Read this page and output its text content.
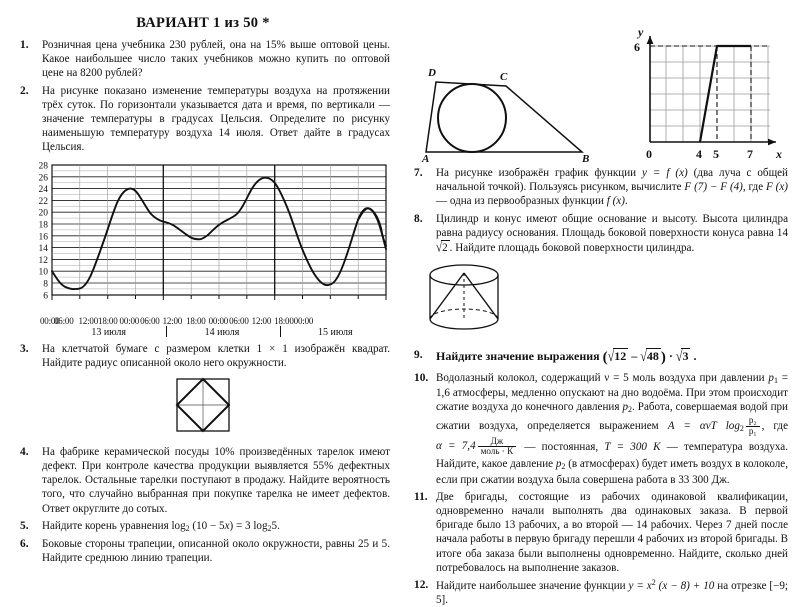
ВАРИАНТ 1 из 50 *
1.	Розничная цена учебника 230 рублей, она на 15% выше оптовой цены. Какое наибольшее число таких учебников можно купить по оптовой цене на 8200 рублей?
2.	На рисунке показано изменение температуры воздуха на протяжении трёх суток. По горизонтали указывается дата и время, по вертикали — значение температуры в градусах Цельсия. Определите по рисунку наименьшую температуру воздуха 14 июля. Ответ дайте в градусах Цельсия.
28
26
24
22
20
18
16
14
12
10
8
6
00:00
06:00 12:00 18:00 00:00 06:00 12:00 18:00 00:00 06:00 12:00 18:00 00:00
13 июля	14 июля	15 июля
3.	На клетчатой бумаге с размером клетки 1 × 1 изображён квадрат. Найдите радиус описанной около него окружности.
4.	На фабрике керамической посуды 10% произведённых тарелок имеют дефект. При контроле качества продукции выявляется 55% дефектных тарелок. Остальные тарелки поступают в продажу. Найдите вероятность того, что случайно выбранная при покупке тарелка не имеет дефектов. Ответ округлите до сотых.
5.	Найдите корень уравнения $\log_2 (10 - 5x) = 3$ $\log_25$.
6.	Боковые стороны трапеции, описанной около окружности, равны 25 и 5. Найдите среднюю линию трапеции.
A	B
C
D
6
0	4 5 7
y
x
7.	На рисунке изображён график функции y = f (x) (два луча с общей начальной точкой). Пользуясь рисунком, вычислите F (7) − F (4), где F (x) — одна из первообразных функции f (x).
8.	Цилиндр и конус имеют общие основание и высоту. Высота цилиндра равна радиусу основания. Площадь боковой поверхности конуса равна 14√2 . Найдите площадь боковой поверхности цилиндра.
9.	Найдите значение выражения (√12 – √48 ) · √3 .
10. Водолазный колокол, содержащий ν = 5 моль воздуха при давлении $p_1 = 1,6$ атмосферы, медленно опускают на дно водоёма. При этом происходит сжатие воздуха до конечного давления $p_2$. Работа, совершаемая водой при сжатии воздуха, определяется выражением A = ανT $\log_2 \frac{\text{p₂}}{\text{p₁}}$ , где $\alpha = 7,4 \frac{Дж}{\text{моль · К}}$ — постоянная, T = 300 К — температура воздуха. Найдите, какое давление $p_2$ (в атмосферах) будет иметь воздух в колоколе, если при сжатии воздуха была совершена работа в 33 300 Дж.
11. Две бригады, состоящие из рабочих одинаковой квалификации, одновременно начали выполнять два одинаковых заказа. В первой бригаде было 13 рабочих, а во второй — 14 рабочих. Через 7 дней после начала работы в первую бригаду перешли 4 рабочих из второй бригады. В итоге оба заказа были выполнены одновременно. Найдите, сколько дней потребовалось на выполнение заказов.
12. Найдите наибольшее значение функции $y = x^2$ (x − 8) + 10 на отрезке [−9; 5].
